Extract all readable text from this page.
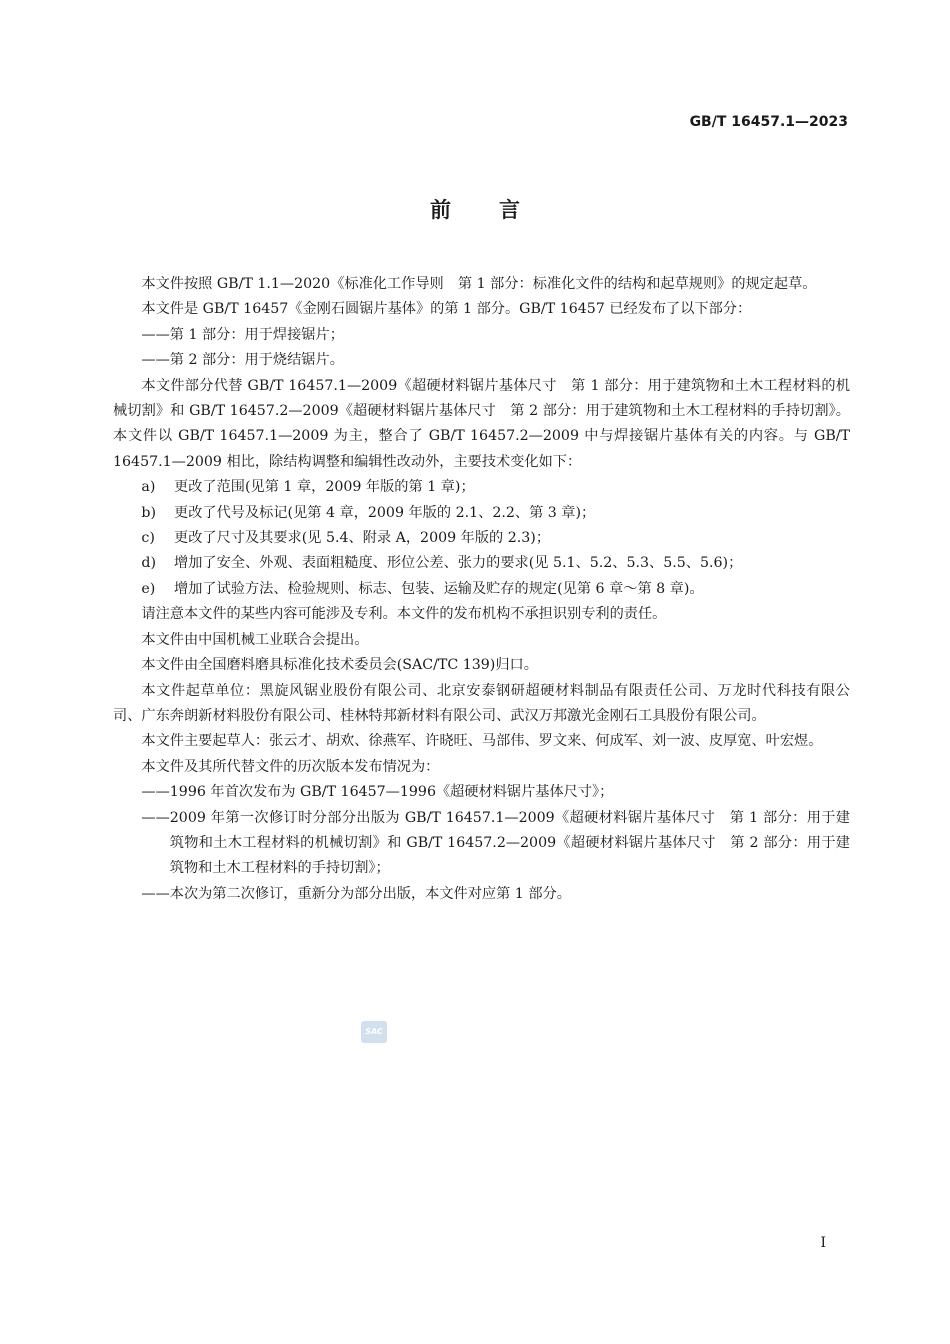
GB/T 16457.1—2023
前言

本文件按照 GB/T 1.1—2020《标准化工作导则　第 1 部分：标准化文件的结构和起草规则》的规定起草。

本文件是 GB/T 16457《金刚石圆锯片基体》的第 1 部分。GB/T 16457 已经发布了以下部分：

——第 1 部分：用于焊接锯片；

——第 2 部分：用于烧结锯片。

本文件部分代替 GB/T 16457.1—2009《超硬材料锯片基体尺寸　第 1 部分：用于建筑物和土木工程材料的机械切割》和 GB/T 16457.2—2009《超硬材料锯片基体尺寸　第 2 部分：用于建筑物和土木工程材料的手持切割》。本文件以 GB/T 16457.1—2009 为主，整合了 GB/T 16457.2—2009 中与焊接锯片基体有关的内容。与 GB/T 16457.1—2009 相比，除结构调整和编辑性改动外，主要技术变化如下：

a) 更改了范围(见第 1 章，2009 年版的第 1 章)；

b) 更改了代号及标记(见第 4 章，2009 年版的 2.1、2.2、第 3 章)；

c) 更改了尺寸及其要求(见 5.4、附录 A，2009 年版的 2.3)；

d) 增加了安全、外观、表面粗糙度、形位公差、张力的要求(见 5.1、5.2、5.3、5.5、5.6)；

e) 增加了试验方法、检验规则、标志、包装、运输及贮存的规定(见第 6 章～第 8 章)。

请注意本文件的某些内容可能涉及专利。本文件的发布机构不承担识别专利的责任。

本文件由中国机械工业联合会提出。

本文件由全国磨料磨具标准化技术委员会(SAC/TC 139)归口。

本文件起草单位：黑旋风锯业股份有限公司、北京安泰钢研超硬材料制品有限责任公司、万龙时代科技有限公司、广东奔朗新材料股份有限公司、桂林特邦新材料有限公司、武汉万邦激光金刚石工具股份有限公司。

本文件主要起草人：张云才、胡欢、徐燕军、许晓旺、马部伟、罗文来、何成军、刘一波、皮厚宽、叶宏煜。

本文件及其所代替文件的历次版本发布情况为：

——1996 年首次发布为 GB/T 16457—1996《超硬材料锯片基体尺寸》；

——2009 年第一次修订时分部分出版为 GB/T 16457.1—2009《超硬材料锯片基体尺寸　第 1 部分：用于建筑物和土木工程材料的机械切割》和 GB/T 16457.2—2009《超硬材料锯片基体尺寸　第 2 部分：用于建筑物和土木工程材料的手持切割》；

——本次为第二次修订，重新分为部分出版，本文件对应第 1 部分。

SAC
I
